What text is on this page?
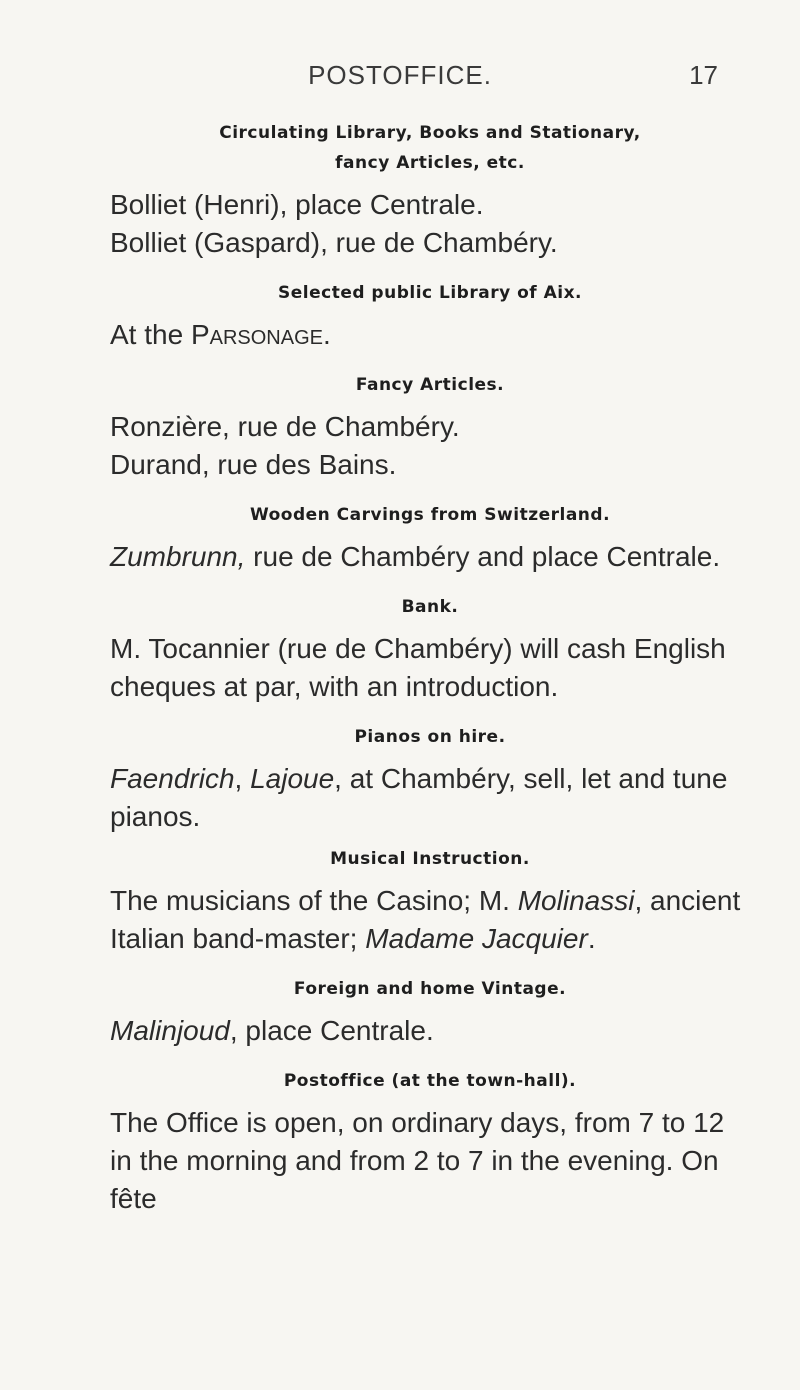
POSTOFFICE.	17
Circulating Library, Books and Stationary,
fancy Articles, etc.
Bolliet (Henri), place Centrale.
Bolliet (Gaspard), rue de Chambéry.
Selected public Library of Aix.
At the Parsonage.
Fancy Articles.
Ronzière, rue de Chambéry.
Durand, rue des Bains.
Wooden Carvings from Switzerland.
Zumbrunn, rue de Chambéry and place Centrale.
Bank.
M. Tocannier (rue de Chambéry) will cash English cheques at par, with an introduction.
Pianos on hire.
Faendrich, Lajoue, at Chambéry, sell, let and tune pianos.
Musical Instruction.
The musicians of the Casino; M. Molinassi, ancient Italian band-master; Madame Jacquier.
Foreign and home Vintage.
Malinjoud, place Centrale.
Postoffice (at the town-hall).
The Office is open, on ordinary days, from 7 to 12 in the morning and from 2 to 7 in the evening. On fête
